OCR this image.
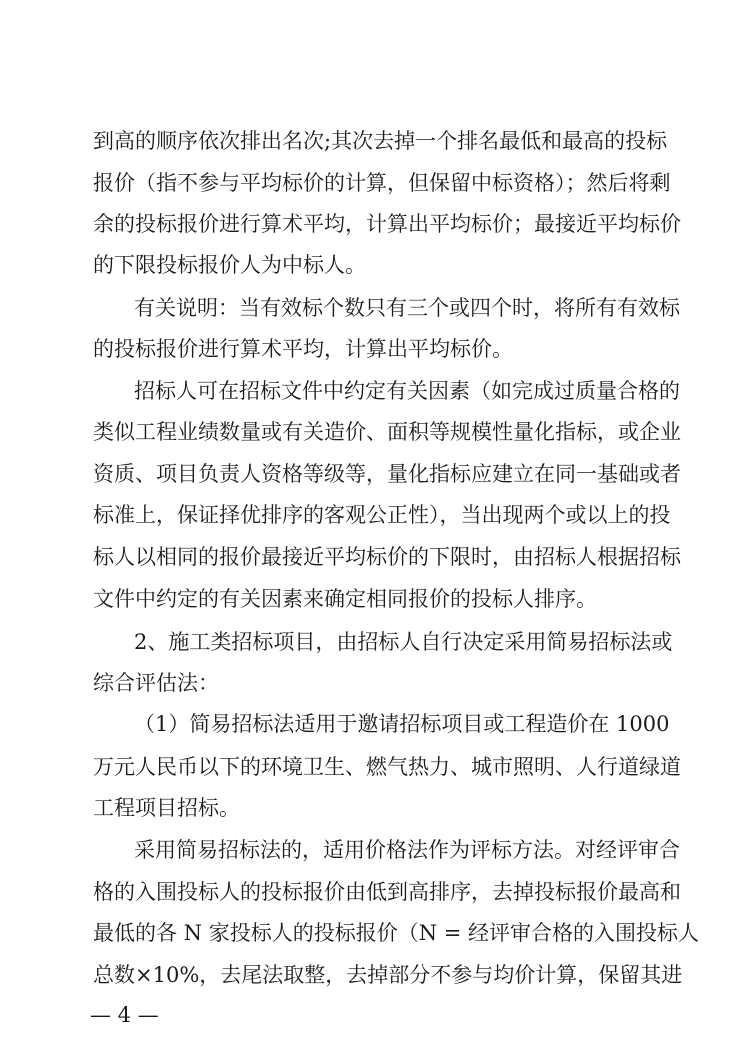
到高的顺序依次排出名次;其次去掉一个排名最低和最高的投标
报价（指不参与平均标价的计算，但保留中标资格）；然后将剩
余的投标报价进行算术平均，计算出平均标价；最接近平均标价
的下限投标报价人为中标人。
有关说明：当有效标个数只有三个或四个时，将所有有效标
的投标报价进行算术平均，计算出平均标价。
招标人可在招标文件中约定有关因素（如完成过质量合格的
类似工程业绩数量或有关造价、面积等规模性量化指标，或企业
资质、项目负责人资格等级等，量化指标应建立在同一基础或者
标准上，保证择优排序的客观公正性），当出现两个或以上的投
标人以相同的报价最接近平均标价的下限时，由招标人根据招标
文件中约定的有关因素来确定相同报价的投标人排序。
2、施工类招标项目，由招标人自行决定采用简易招标法或
综合评估法：
（1）简易招标法适用于邀请招标项目或工程造价在 1000
万元人民币以下的环境卫生、燃气热力、城市照明、人行道绿道
工程项目招标。
采用简易招标法的，适用价格法作为评标方法。对经评审合
格的入围投标人的投标报价由低到高排序，去掉投标报价最高和
最低的各 N 家投标人的投标报价（N = 经评审合格的入围投标人
总数×10%，去尾法取整，去掉部分不参与均价计算，保留其进
— 4 —
